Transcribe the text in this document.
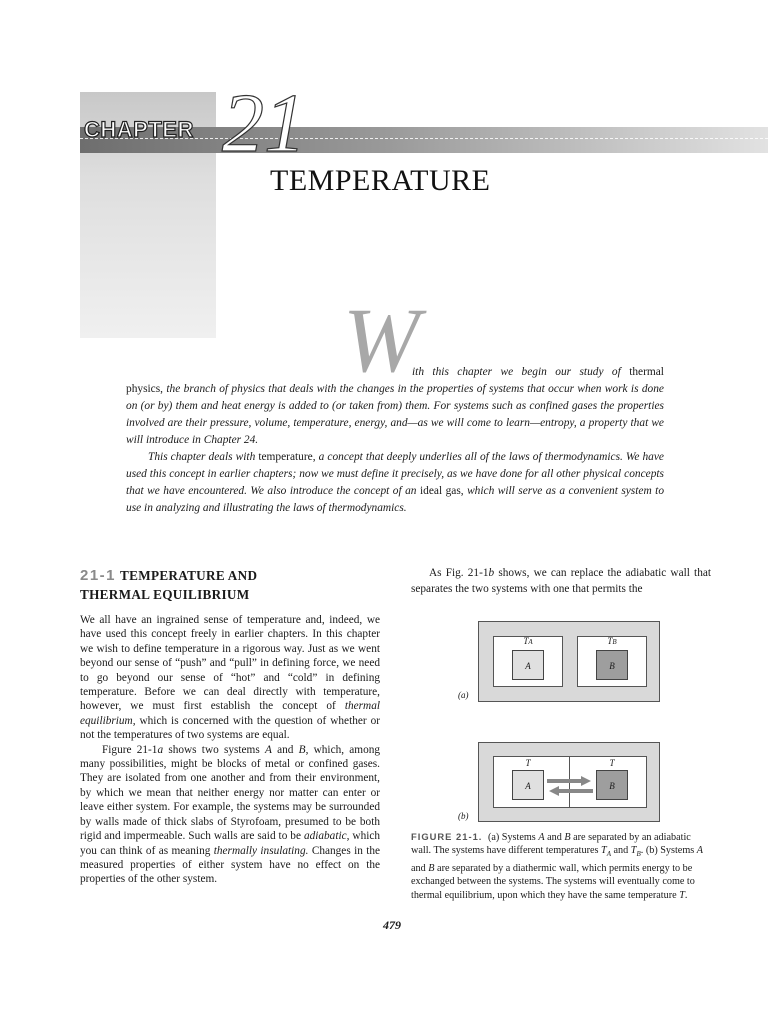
CHAPTER 21
TEMPERATURE
W
ith this chapter we begin our study of thermal

physics, the branch of physics that deals with the changes in the properties of systems that occur when work is done on (or by) them and heat energy is added to (or taken from) them. For systems such as confined gases the properties involved are their pressure, volume, temperature, energy, and—as we will come to learn—entropy, a property that we will introduce in Chapter 24.

This chapter deals with temperature, a concept that deeply underlies all of the laws of thermodynamics. We have used this concept in earlier chapters; now we must define it precisely, as we have done for all other physical concepts that we have encountered. We also introduce the concept of an ideal gas, which will serve as a convenient system to use in analyzing and illustrating the laws of thermodynamics.

21-1 TEMPERATURE AND
THERMAL EQUILIBRIUM

We all have an ingrained sense of temperature and, indeed, we have used this concept freely in earlier chapters. In this chapter we wish to define temperature in a rigorous way. Just as we went beyond our sense of “push” and “pull” in defining force, we need to go beyond our sense of “hot” and “cold” in defining temperature. Before we can deal directly with temperature, however, we must first establish the concept of thermal equilibrium, which is concerned with the question of whether or not the temperatures of two systems are equal.

Figure 21-1a shows two systems A and B, which, among many possibilities, might be blocks of metal or confined gases. They are isolated from one another and from their environment, by which we mean that neither energy nor matter can enter or leave either system. For example, the systems may be surrounded by walls made of thick slabs of Styrofoam, presumed to be both rigid and impermeable. Such walls are said to be adiabatic, which you can think of as meaning thermally insulating. Changes in the measured properties of either system have no effect on the properties of the other system.

As Fig. 21-1b shows, we can replace the adiabatic wall that separates the two systems with one that permits the
TA	TB
A	B
(a)
T	T
A	B
(b)
FIGURE 21-1. (a) Systems A and B are separated by an adiabatic wall. The systems have different temperatures $T_A$ and $T_B$. (b) Systems A and B are separated by a diathermic wall, which permits energy to be exchanged between the systems. The systems will eventually come to thermal equilibrium, upon which they have the same temperature T.
479
